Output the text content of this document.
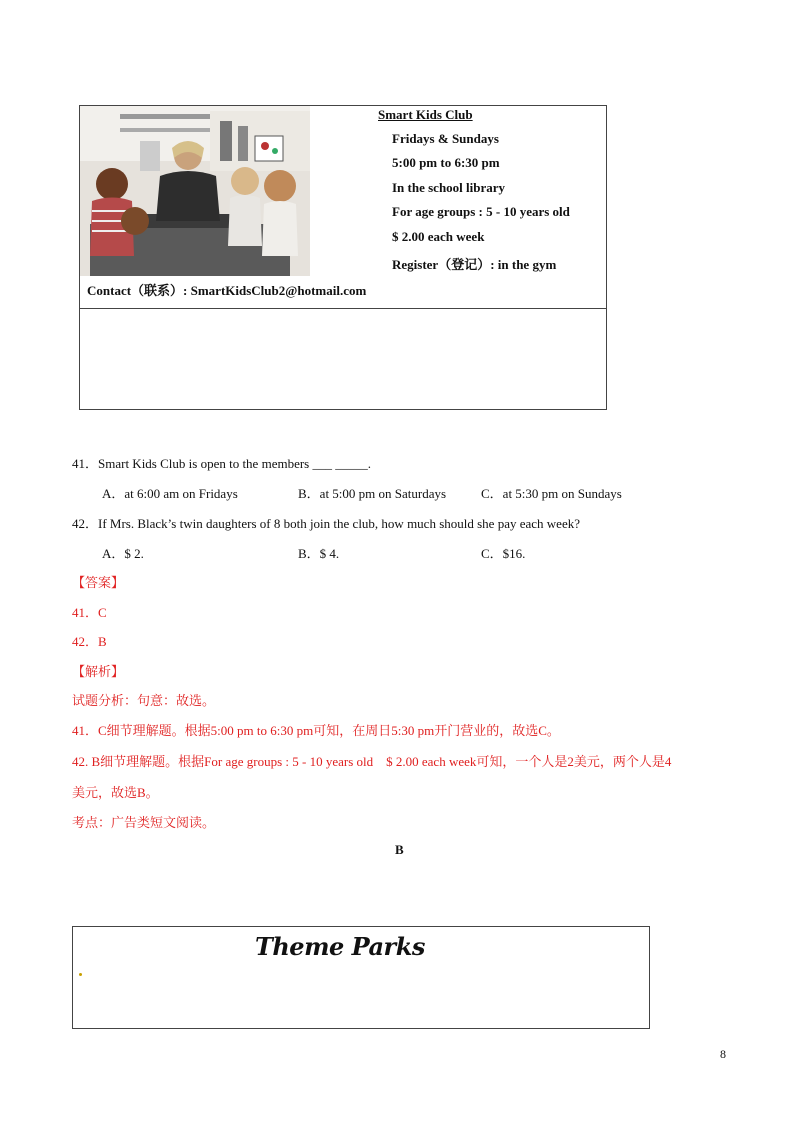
Smart Kids Club
Fridays & Sundays
5:00 pm to 6:30 pm
In the school library
For age groups : 5 - 10 years old
$ 2.00 each week
Register（登记）: in the gym
Contact（联系）: SmartKidsClub2@hotmail.com
41．Smart Kids Club is open to the members ___ _____.
A．at 6:00 am on Fridays	B．at 5:00 pm on Saturdays	C．at 5:30 pm on Sundays
42．If Mrs. Black’s twin daughters of 8 both join the club, how much should she pay each week?
A．$ 2.	B．$ 4.	C．$16.
【答案】
41．C
42．B
【解析】
试题分析：句意：故选。
41．C细节理解题。根据5:00 pm to 6:30 pm可知，在周日5:30 pm开门营业的，故选C。
42. B细节理解题。根据For age groups : 5 - 10 years old    $ 2.00 each week可知，一个人是2美元，两个人是4
美元，故选B。
考点：广告类短文阅读。
B
Theme Parks
8
